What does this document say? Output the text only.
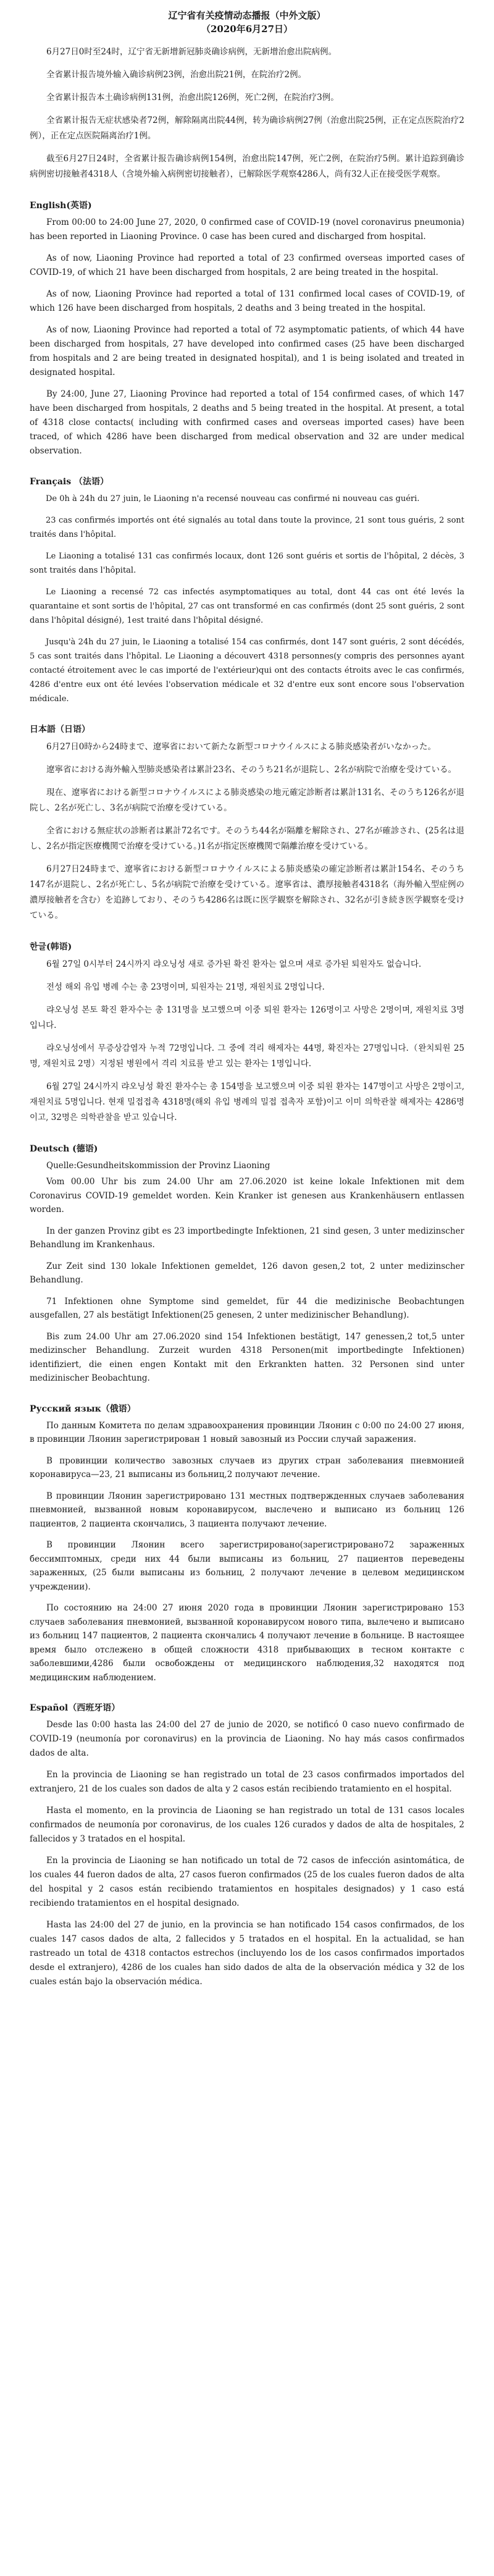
辽宁省有关疫情动态播报（中外文版）
（2020年6月27日）

6月27日0时至24时，辽宁省无新增新冠肺炎确诊病例，无新增治愈出院病例。

全省累计报告境外输入确诊病例23例，治愈出院21例，在院治疗2例。

全省累计报告本土确诊病例131例，治愈出院126例，死亡2例，在院治疗3例。

全省累计报告无症状感染者72例，解除隔离出院44例，转为确诊病例27例（治愈出院25例，正在定点医院治疗2例），正在定点医院隔离治疗1例。

截至6月27日24时，全省累计报告确诊病例154例，治愈出院147例，死亡2例，在院治疗5例。累计追踪到确诊病例密切接触者4318人（含境外输入病例密切接触者），已解除医学观察4286人，尚有32人正在接受医学观察。

English(英语)

From 00:00 to 24:00 June 27, 2020, 0 confirmed case of COVID-19 (novel coronavirus pneumonia) has been reported in Liaoning Province. 0 case has been cured and discharged from hospital.

As of now, Liaoning Province had reported a total of 23 confirmed overseas imported cases of COVID-19, of which 21 have been discharged from hospitals, 2 are being treated in the hospital.

As of now, Liaoning Province had reported a total of 131 confirmed local cases of COVID-19, of which 126 have been discharged from hospitals, 2 deaths and 3 being treated in the hospital.

As of now, Liaoning Province had reported a total of 72 asymptomatic patients, of which 44 have been discharged from hospitals, 27 have developed into confirmed cases (25 have been discharged from hospitals and 2 are being treated in designated hospital), and 1 is being isolated and treated in designated hospital.

By 24:00, June 27, Liaoning Province had reported a total of 154 confirmed cases, of which 147 have been discharged from hospitals, 2 deaths and 5 being treated in the hospital. At present, a total of 4318 close contacts( including with confirmed cases and overseas imported cases) have been traced, of which 4286 have been discharged from medical observation and 32 are under medical observation.

Français （法语）

De 0h à 24h du 27 juin, le Liaoning n'a recensé nouveau cas confirmé ni nouveau cas guéri.

23 cas confirmés importés ont été signalés au total dans toute la province, 21 sont tous guéris, 2 sont traités dans l'hôpital.

Le Liaoning a totalisé 131 cas confirmés locaux, dont 126 sont guéris et sortis de l'hôpital, 2 décès, 3 sont traités dans l'hôpital.

Le Liaoning a recensé 72 cas infectés asymptomatiques au total, dont 44 cas ont été levés la quarantaine et sont sortis de l'hôpital, 27 cas ont transformé en cas confirmés (dont 25 sont guéris, 2 sont dans l'hôpital désigné), 1est traité dans l'hôpital désigné.

Jusqu'à 24h du 27 juin, le Liaoning a totalisé 154 cas confirmés, dont 147 sont guéris, 2 sont décédés, 5 cas sont traités dans l'hôpital. Le Liaoning a découvert 4318 personnes(y compris des personnes ayant contacté étroitement avec le cas importé de l'extérieur)qui ont des contacts étroits avec le cas confirmés, 4286 d'entre eux ont été levées l'observation médicale et 32 d'entre eux sont encore sous l'observation médicale.

日本語（日语）

6月27日0時から24時まで、遼寧省において新たな新型コロナウイルスによる肺炎感染者がいなかった。

遼寧省における海外輸入型肺炎感染者は累計23名、そのうち21名が退院し、2名が病院で治療を受けている。

現在、遼寧省における新型コロナウイルスによる肺炎感染の地元確定診断者は累計131名、そのうち126名が退院し、2名が死亡し、3名が病院で治療を受けている。

全省における無症状の診断者は累計72名です。そのうち44名が隔離を解除され、27名が確診され、(25名は退し、2名が指定医療機関で治療を受けている。)1名が指定医療機関で隔離治療を受けている。

6月27日24時まで、遼寧省における新型コロナウイルスによる肺炎感染の確定診断者は累計154名、そのうち147名が退院し、2名が死亡し、5名が病院で治療を受けている。遼寧省は、濃厚接触者4318名（海外輸入型症例の濃厚接触者を含む）を追跡しており、そのうち4286名は既に医学観察を解除され、32名が引き続き医学観察を受けている。

한글(韩语)

6월 27일 0시부터 24시까지 랴오닝성 새로 증가된 확진 환자는 없으며 새로 증가된 퇴원자도 없습니다.

전성 해외 유입 병례 수는 총 23명이며, 퇴원자는 21명, 재원치료 2명입니다.

랴오닝성 본토 확진 환자수는 총 131명을 보고했으며 이중 퇴원 환자는 126명이고 사망은 2명이며, 재원치료 3명입니다.

랴오닝성에서 무증상감염자 누적 72명입니다. 그 중에 격리 해제자는 44명, 확진자는 27명입니다.（완치퇴원 25명, 재원치료 2명）지정된 병원에서 격리 치료를 받고 있는 환자는 1명입니다.

6월 27일 24시까지 랴오닝성 확진 환자수는 총 154명을 보고했으며 이중 퇴원 환자는 147명이고 사망은 2명이고, 재원치료 5명입니다. 현재 밀접접촉 4318명(해외 유입 병례의 밀접 접촉자 포함)이고 이미 의학관찰 해제자는 4286명이고, 32명은 의학관찰을 받고 있습니다.

Deutsch (德语)
Quelle:Gesundheitskommission der Provinz Liaoning

Vom 00.00 Uhr bis zum 24.00 Uhr am 27.06.2020 ist keine lokale Infektionen mit dem Coronavirus COVID-19 gemeldet worden. Kein Kranker ist genesen aus Krankenhäusern entlassen worden.

In der ganzen Provinz gibt es 23 importbedingte Infektionen, 21 sind gesen, 3 unter medizinscher Behandlung im Krankenhaus.

Zur Zeit sind 130 lokale Infektionen gemeldet, 126 davon gesen,2 tot, 2 unter medizinscher Behandlung.

71 Infektionen ohne Symptome sind gemeldet, für 44 die medizinische Beobachtungen ausgefallen, 27 als bestätigt Infektionen(25 genesen, 2 unter medizinischer Behandlung).

Bis zum 24.00 Uhr am 27.06.2020 sind 154 Infektionen bestätigt, 147 genessen,2 tot,5 unter medizinscher Behandlung. Zurzeit wurden 4318 Personen(mit importbedingte Infektionen) identifiziert, die einen engen Kontakt mit den Erkrankten hatten. 32 Personen sind unter medizinischer Beobachtung.

Русский язык（俄语）

По данным Комитета по делам здравоохранения провинции Ляонин с 0:00 по 24:00 27 июня, в провинции Ляонин зарегистрирован 1 новый завозный из России случай заражения.

В провинции количество завозных случаев из других стран заболевания пневмонией коронавируса—23, 21 выписаны из больниц,2 получают лечение.

В провинции Ляонин зарегистрировано 131 местных подтвержденных случаев заболевания пневмонией, вызванной новым коронавирусом, выслечено и выписано из больниц 126 пациентов, 2 пациента скончались, 3 пациента получают лечение.

В провинции Ляонин всего зарегистрировано(зарегистрировано72 зараженных бессимптомных, среди них 44 были выписаны из больниц, 27 пациентов переведены зараженных, (25 были выписаны из больниц, 2 получают лечение в целевом медицинском учреждении).

По состоянию на 24:00 27 июня 2020 года в провинции Ляонин зарегистрировано 153 случаев заболевания пневмонией, вызванной коронавирусом нового типа, вылечено и выписано из больниц 147 пациентов, 2 пациента скончались 4 получают лечение в больнице. В настоящее время было отслежено в общей сложности 4318 прибывающих в тесном контакте с заболевшими,4286 были освобождены от медицинского наблюдения,32 находятся под медицинским наблюдением.

Español（西班牙语）

Desde las 0:00 hasta las 24:00 del 27 de junio de 2020, se notificó 0 caso nuevo confirmado de COVID-19 (neumonía por coronavirus) en la provincia de Liaoning. No hay más casos confirmados dados de alta.

En la provincia de Liaoning se han registrado un total de 23 casos confirmados importados del extranjero, 21 de los cuales son dados de alta y 2 casos están recibiendo tratamiento en el hospital.

Hasta el momento, en la provincia de Liaoning se han registrado un total de 131 casos locales confirmados de neumonía por coronavirus, de los cuales 126 curados y dados de alta de hospitales, 2 fallecidos y 3 tratados en el hospital.

En la provincia de Liaoning se han notificado un total de 72 casos de infección asintomática, de los cuales 44 fueron dados de alta, 27 casos fueron confirmados (25 de los cuales fueron dados de alta del hospital y 2 casos están recibiendo tratamientos en hospitales designados) y 1 caso está recibiendo tratamientos en el hospital designado.

Hasta las 24:00 del 27 de junio, en la provincia se han notificado 154 casos confirmados, de los cuales 147 casos dados de alta, 2 fallecidos y 5 tratados en el hospital. En la actualidad, se han rastreado un total de 4318 contactos estrechos (incluyendo los de los casos confirmados importados desde el extranjero), 4286 de los cuales han sido dados de alta de la observación médica y 32 de los cuales están bajo la observación médica.
